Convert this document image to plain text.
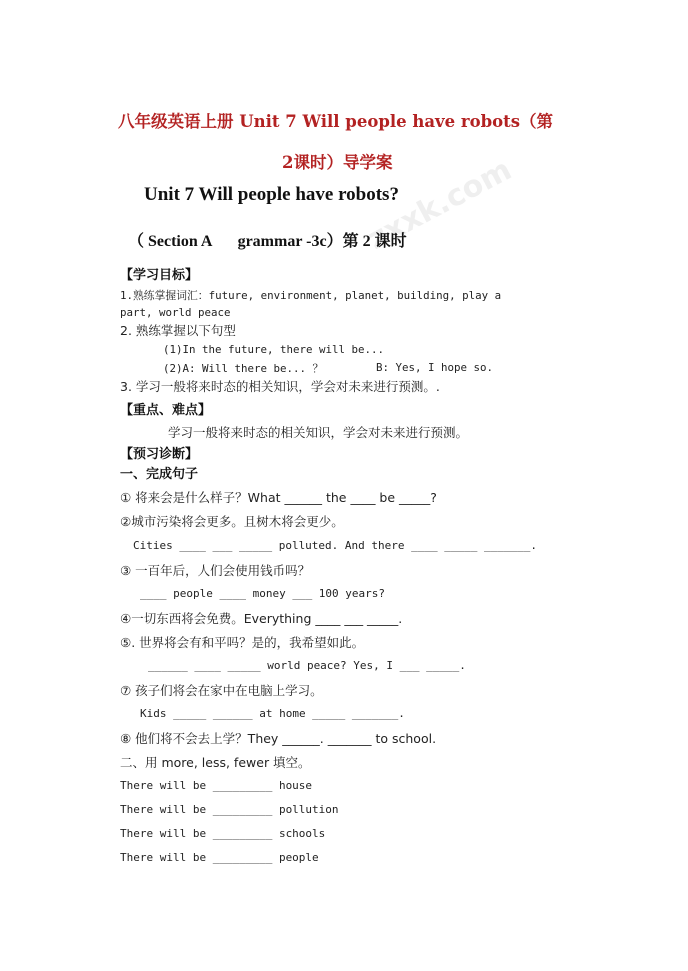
zxxk.com
八年级英语上册 Unit 7 Will people have robots（第
2课时）导学案
Unit 7 Will people have robots?
（ Section A grammar -3c）第 2 课时
【学习目标】
1.熟练掌握词汇：future, environment, planet, building, play a
part, world peace
2. 熟练掌握以下句型
(1)In the future, there will be...
(2)A: Will there be... ？	B: Yes, I hope so.
3. 学习一般将来时态的相关知识，学会对未来进行预测。.
【重点、难点】
学习一般将来时态的相关知识，学会对未来进行预测。
【预习诊断】
一、完成句子
① 将来会是什么样子？What ______ the ____ be _____?
②城市污染将会更多。且树木将会更少。
Cities ____ ___ _____ polluted. And there ____ _____ _______.
③ 一百年后，人们会使用钱币吗？
____ people ____ money ___ 100 years?
④一切东西将会免费。Everything ____ ___ _____.
⑤. 世界将会有和平吗？是的，我希望如此。
______ ____ _____ world peace? Yes, I ___ _____.
⑦ 孩子们将会在家中在电脑上学习。
Kids _____ ______ at home _____ _______.
⑧ 他们将不会去上学？They ______. _______ to school.
二、用 more, less, fewer 填空。
There will be _________ house
There will be _________ pollution
There will be _________ schools
There will be _________ people
